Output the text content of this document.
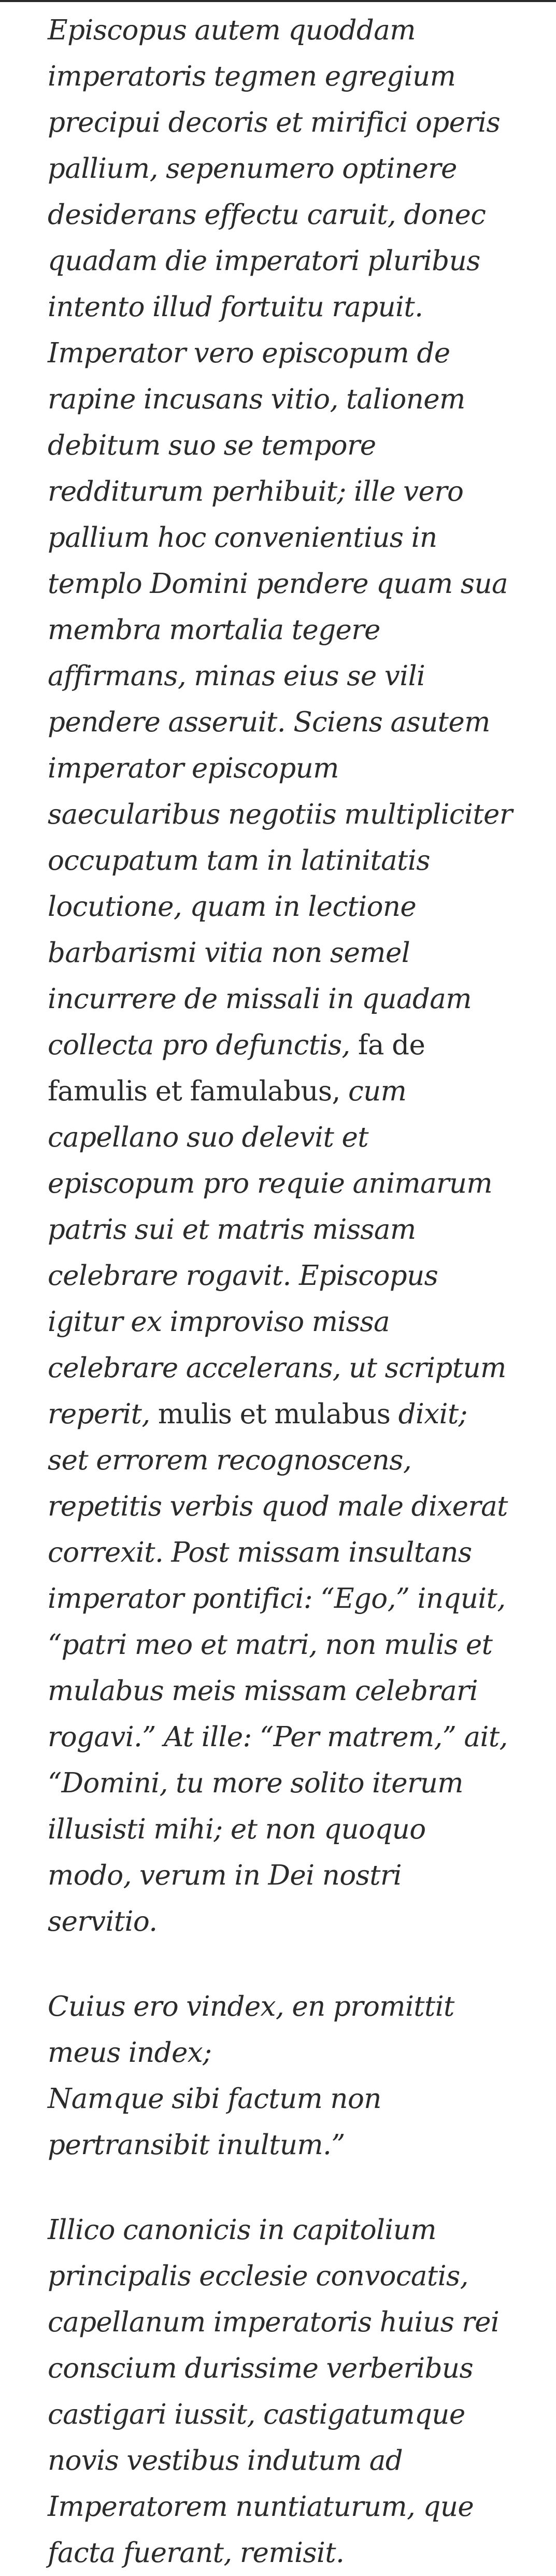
Episcopus autem quoddam imperatoris tegmen egregium precipui decoris et mirifici operis pallium, sepenumero optinere desiderans effectu caruit, donec quadam die imperatori pluribus intento illud fortuitu rapuit. Imperator vero episcopum de rapine incusans vitio, talionem debitum suo se tempore redditurum perhibuit; ille vero pallium hoc convenientius in templo Domini pendere quam sua membra mortalia tegere affirmans, minas eius se vili pendere asseruit. Sciens asutem imperator episcopum saecularibus negotiis multipliciter occupatum tam in latinitatis locutione, quam in lectione barbarismi vitia non semel incurrere de missali in quadam collecta pro defunctis, fa de famulis et famulabus, cum capellano suo delevit et episcopum pro requie animarum patris sui et matris missam celebrare rogavit. Episcopus igitur ex improviso missa celebrare accelerans, ut scriptum reperit, mulis et mulabus dixit; set errorem recognoscens, repetitis verbis quod male dixerat correxit. Post missam insultans imperator pontifici: “Ego,” inquit, “patri meo et matri, non mulis et mulabus meis missam celebrari rogavi.” At ille: “Per matrem,” ait, “Domini, tu more solito iterum illusisti mihi; et non quoquo modo, verum in Dei nostri servitio.

Cuius ero vindex, en promittit meus index;
Namque sibi factum non pertransibit inultum.”

Illico canonicis in capitolium principalis ecclesie convocatis, capellanum imperatoris huius rei conscium durissime verberibus castigari iussit, castigatumque novis vestibus indutum ad Imperatorem nuntiaturum, que facta fuerant, remisit.
